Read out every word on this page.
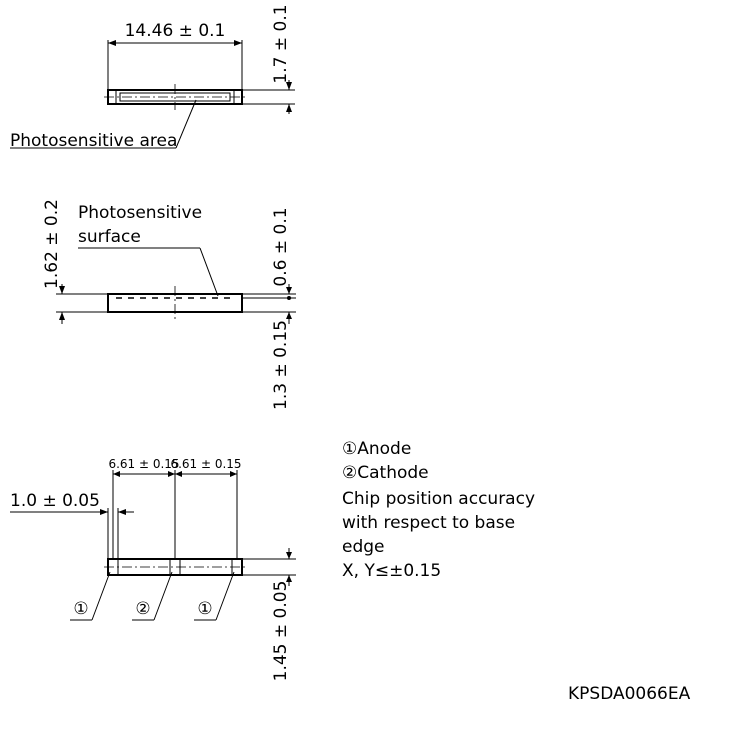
14.46 ± 0.1	1.7 ± 0.1
Photosensitive area
1.62 ± 0.2 Photosensitive
surface	0.6 ± 0.1
1.3 ± 0.15
6.61 ± 0.15
6.61 ± 0.15
1.0 ± 0.05
1.45 ± 0.05
①	②	①
①Anode
②Cathode
Chip position accuracy
with respect to base
edge
X, Y≤±0.15
KPSDA0066EA
